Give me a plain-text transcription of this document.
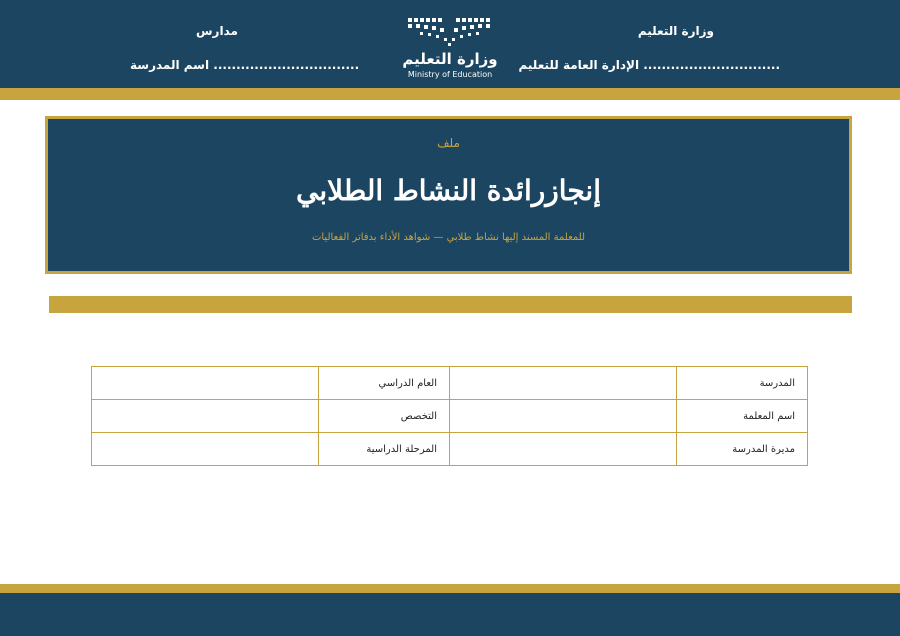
وزارة التعليم
الإدارة العامة للتعليم ..............................
مدارس
اسم المدرسة ................................	وزارة التعليم
Ministry of Education
ملف
إنجازرائدة النشاط الطلابي
للمعلمة المسند إليها نشاط طلابي — شواهد الأداء بدفاتر الفعاليات
	العام الدراسي		المدرسة
	التخصص		اسم المعلمة
	المرحلة الدراسية		مديرة المدرسة
